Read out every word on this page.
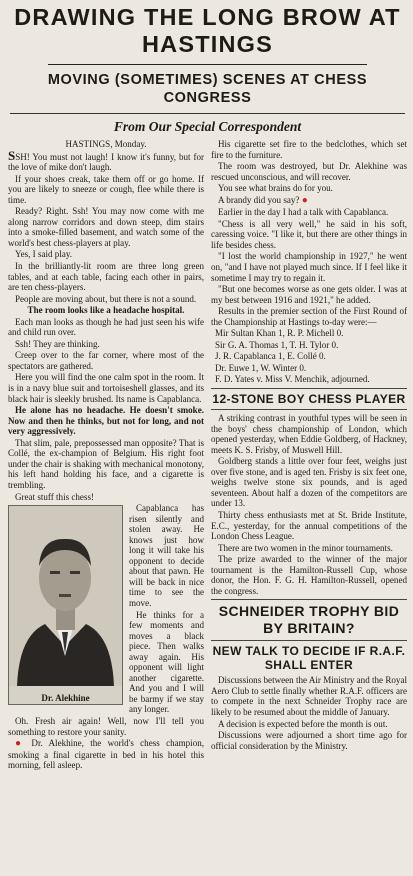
DRAWING THE LONG BROW AT HASTINGS
MOVING (SOMETIMES) SCENES AT CHESS CONGRESS
From Our Special Correspondent

HASTINGS, Monday.

SSH! You must not laugh! I know it's funny, but for the love of mike don't laugh.

If your shoes creak, take them off or go home. If you are likely to sneeze or cough, flee while there is time.

Ready? Right. Ssh! You may now come with me along narrow corridors and down steep, dim stairs into a smoke-filled basement, and watch some of the world's best chess-players at play.

Yes, I said play.

In the brilliantly-lit room are three long green tables, and at each table, facing each other in pairs, are ten chess-players.

People are moving about, but there is not a sound.

The room looks like a headache hospital.

Each man looks as though he had just seen his wife and child run over.

Ssh! They are thinking.

Creep over to the far corner, where most of the spectators are gathered.

Here you will find the one calm spot in the room. It is in a navy blue suit and tortoiseshell glasses, and its black hair is sleekly brushed. Its name is Capablanca.

He alone has no headache. He doesn't smoke. Now and then he thinks, but not for long, and not very aggressively.

That slim, pale, prepossessed man opposite? That is Collé, the ex-champion of Belgium. His right foot under the chair is shaking with mechanical monotony, his left hand holding his face, and a cigarette is trembling.

Great stuff this chess!

Dr. Alekhine

Capablanca has risen silently and stolen away. He knows just how long it will take his opponent to decide about that pawn. He will be back in nice time to see the move.

He thinks for a few moments and moves a black piece. Then walks away again. His opponent will light another cigarette. And you and I will be barmy if we stay any longer.

Oh. Fresh air again! Well, now I'll tell you something to restore your sanity.

● Dr. Alekhine, the world's chess champion, smoking a final cigarette in bed in his hotel this morning, fell asleep.

His cigarette set fire to the bedclothes, which set fire to the furniture.

The room was destroyed, but Dr. Alekhine was rescued unconscious, and will recover.

You see what brains do for you.

A brandy did you say? ●

Earlier in the day I had a talk with Capablanca.

"Chess is all very well," he said in his soft, caressing voice. "I like it, but there are other things in life besides chess.

"I lost the world championship in 1927," he went on, "and I have not played much since. If I feel like it sometime I may try to regain it.

"But one becomes worse as one gets older. I was at my best between 1916 and 1921," he added.

Results in the premier section of the First Round of the Championship at Hastings to-day were:—

Mir Sultan Khan 1, R. P. Michell 0.

Sir G. A. Thomas 1, T. H. Tylor 0.

J. R. Capablanca 1, E. Collé 0.

Dr. Euwe 1, W. Winter 0.

F. D. Yates v. Miss V. Menchik, adjourned.

12-STONE BOY CHESS PLAYER

A striking contrast in youthful types will be seen in the boys' chess championship of London, which opened yesterday, when Eddie Goldberg, of Hackney, meets K. S. Frisby, of Muswell Hill.

Goldberg stands a little over four feet, weighs just over five stone, and is aged ten. Frisby is six feet one, weighs twelve stone six pounds, and is aged seventeen. About half a dozen of the competitors are under 13.

Thirty chess enthusiasts met at St. Bride Institute, E.C., yesterday, for the annual competitions of the London Chess League.

There are two women in the minor tournaments.

The prize awarded to the winner of the major tournament is the Hamilton-Russell Cup, whose donor, the Hon. F. G. H. Hamilton-Russell, opened the congress.

SCHNEIDER TROPHY BID BY BRITAIN?
NEW TALK TO DECIDE IF R.A.F. SHALL ENTER

Discussions between the Air Ministry and the Royal Aero Club to settle finally whether R.A.F. officers are to compete in the next Schneider Trophy race are likely to be resumed about the middle of January.

A decision is expected before the month is out.

Discussions were adjourned a short time ago for official consideration by the Ministry.
